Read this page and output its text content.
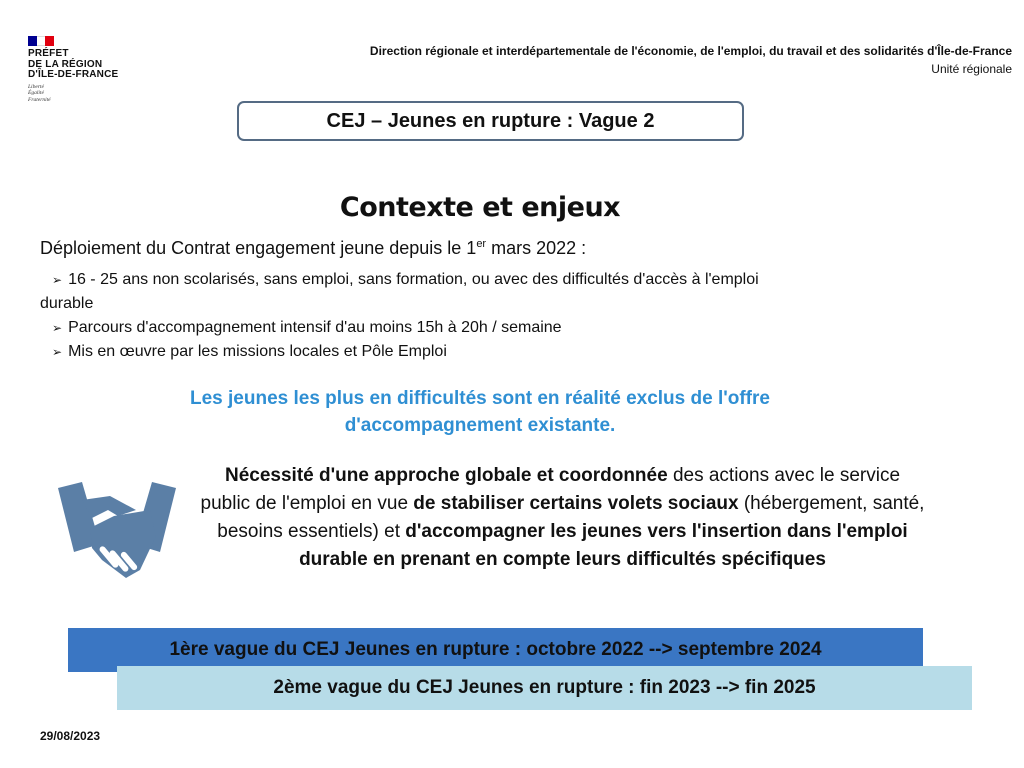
PRÉFET
DE LA RÉGION
D'ÎLE-DE-FRANCE
Liberté
Égalité
Fraternité
Direction régionale et interdépartementale de l'économie, de l'emploi, du travail et des solidarités d'Île-de-France
Unité régionale
CEJ – Jeunes en rupture : Vague 2
Contexte et enjeux
Déploiement du Contrat engagement jeune depuis le 1er mars 2022 :
➢ 16 - 25 ans non scolarisés, sans emploi, sans formation, ou avec des difficultés d'accès à l'emploi
durable
➢ Parcours d'accompagnement intensif d'au moins 15h à 20h / semaine
➢ Mis en œuvre par les missions locales et Pôle Emploi
Les jeunes les plus en difficultés sont en réalité exclus de l'offre
d'accompagnement existante.
Nécessité d'une approche globale et coordonnée des actions avec le service public de l'emploi en vue de stabiliser certains volets sociaux (hébergement, santé, besoins essentiels) et d'accompagner les jeunes vers l'insertion dans l'emploi durable en prenant en compte leurs difficultés spécifiques
1ère vague du CEJ Jeunes en rupture : octobre 2022 --> septembre 2024
2ème vague du CEJ Jeunes en rupture : fin 2023 --> fin 2025
29/08/2023
